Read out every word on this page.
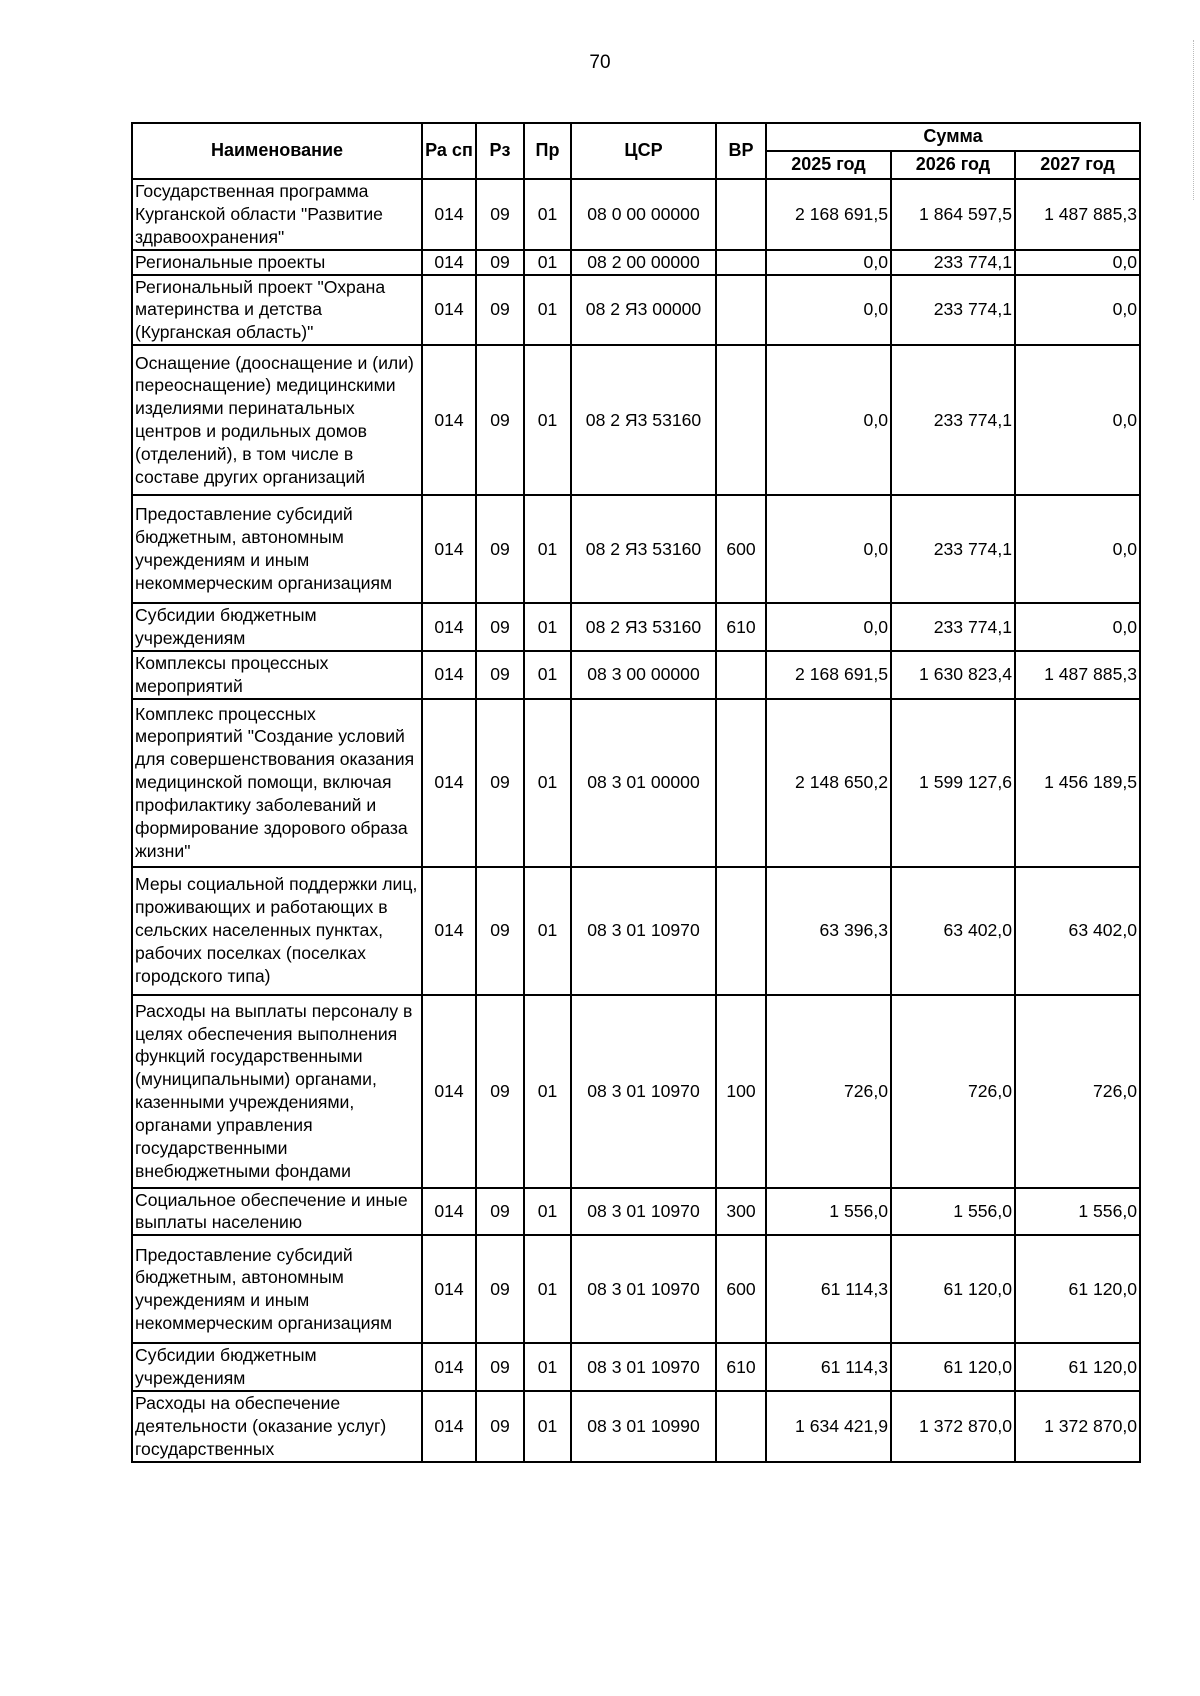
70
Наименование	Ра сп	Рз	Пр	ЦСР	ВР	Сумма		
						2025 год	2026 год	2027 год
Государственная программа Курганской области "Развитие здравоохранения"	014	09	01	08 0 00 00000		2 168 691,5	1 864 597,5	1 487 885,3
Региональные проекты	014	09	01	08 2 00 00000		0,0	233 774,1	0,0
Региональный проект "Охрана материнства и детства (Курганская область)"	014	09	01	08 2 Я3 00000		0,0	233 774,1	0,0
Оснащение (дооснащение и (или) переоснащение) медицинскими изделиями перинатальных центров и родильных домов (отделений), в том числе в составе других организаций	014	09	01	08 2 Я3 53160		0,0	233 774,1	0,0
Предоставление субсидий бюджетным, автономным учреждениям и иным некоммерческим организациям	014	09	01	08 2 Я3 53160	600	0,0	233 774,1	0,0
Субсидии бюджетным учреждениям	014	09	01	08 2 Я3 53160	610	0,0	233 774,1	0,0
Комплексы процессных мероприятий	014	09	01	08 3 00 00000		2 168 691,5	1 630 823,4	1 487 885,3
Комплекс процессных мероприятий "Создание условий для совершенствования оказания медицинской помощи, включая профилактику заболеваний и формирование здорового образа жизни"	014	09	01	08 3 01 00000		2 148 650,2	1 599 127,6	1 456 189,5
Меры социальной поддержки лиц, проживающих и работающих в сельских населенных пунктах, рабочих поселках (поселках городского типа)	014	09	01	08 3 01 10970		63 396,3	63 402,0	63 402,0
Расходы на выплаты персоналу в целях обеспечения выполнения функций государственными (муниципальными) органами, казенными учреждениями, органами управления государственными внебюджетными фондами	014	09	01	08 3 01 10970	100	726,0	726,0	726,0
Социальное обеспечение и иные выплаты населению	014	09	01	08 3 01 10970	300	1 556,0	1 556,0	1 556,0
Предоставление субсидий бюджетным, автономным учреждениям и иным некоммерческим организациям	014	09	01	08 3 01 10970	600	61 114,3	61 120,0	61 120,0
Субсидии бюджетным учреждениям	014	09	01	08 3 01 10970	610	61 114,3	61 120,0	61 120,0
Расходы на обеспечение деятельности (оказание услуг) государственных	014	09	01	08 3 01 10990		1 634 421,9	1 372 870,0	1 372 870,0
